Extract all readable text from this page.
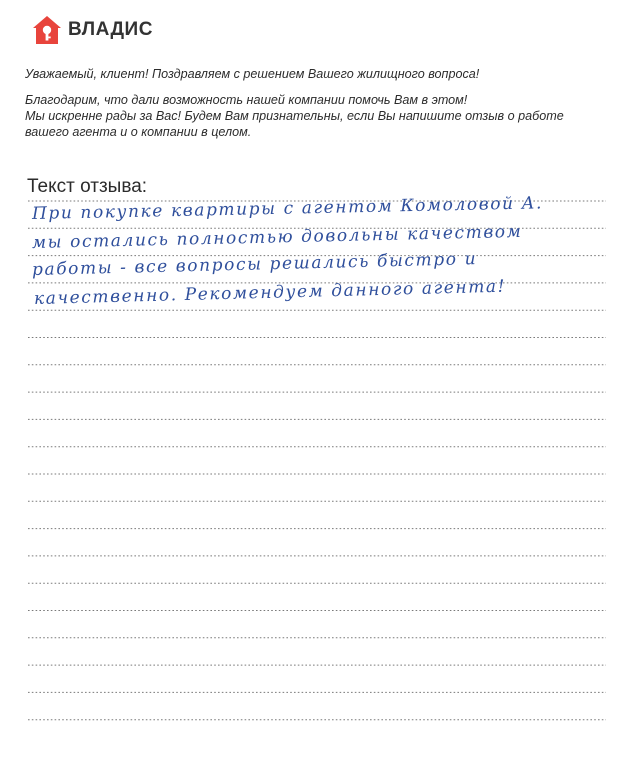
ВЛАДИС

Уважаемый, клиент! Поздравляем с решением Вашего жилищного вопроса!

Благодарим, что дали возможность нашей компании помочь Вам в этом!

Мы искренне рады за Вас! Будем Вам признательны, если Вы напишите отзыв о работе

вашего агента и о компании в целом.

Текст отзыва:
При покупке квартиры с агентом Комоловой А.
мы остались полностью довольны качеством
работы - все вопросы решались быстро и
качественно. Рекомендуем данного агента!
